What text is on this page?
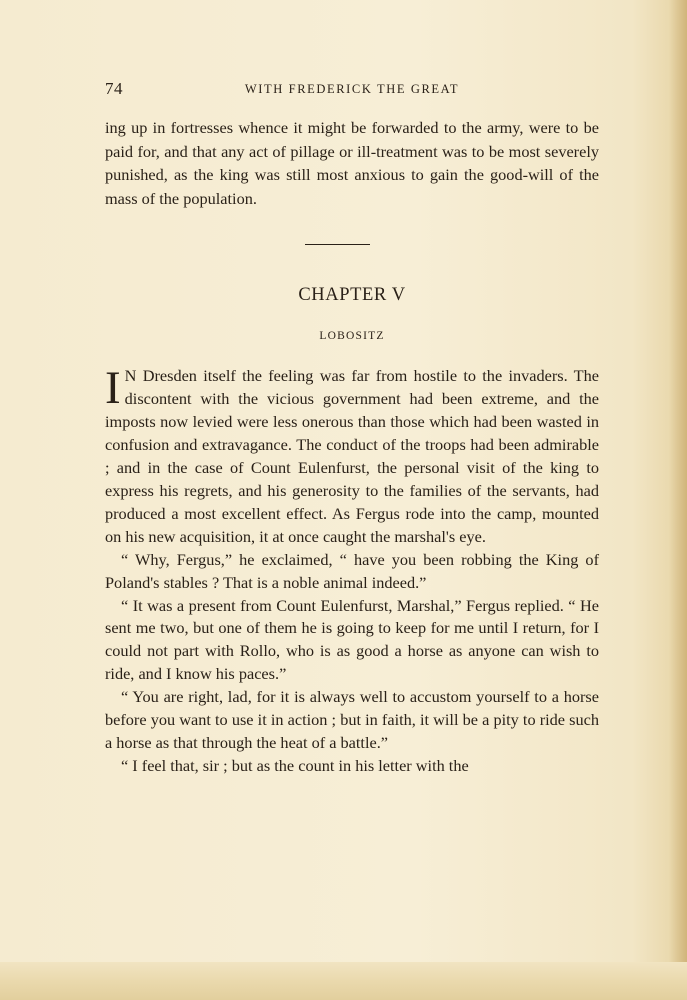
74	WITH FREDERICK THE GREAT
ing up in fortresses whence it might be forwarded to the army, were to be paid for, and that any act of pillage or ill-treatment was to be most severely punished, as the king was still most anxious to gain the good-will of the mass of the population.
CHAPTER V
LOBOSITZ

I N Dresden itself the feeling was far from hostile to the invaders. The discontent with the vicious government had been extreme, and the imposts now levied were less onerous than those which had been wasted in confusion and extravagance. The conduct of the troops had been admirable ; and in the case of Count Eulenfurst, the personal visit of the king to express his regrets, and his generosity to the families of the servants, had produced a most excellent effect. As Fergus rode into the camp, mounted on his new acquisition, it at once caught the marshal's eye.

“ Why, Fergus,” he exclaimed, “ have you been robbing the King of Poland's stables ? That is a noble animal indeed.”

“ It was a present from Count Eulenfurst, Marshal,” Fergus replied. “ He sent me two, but one of them he is going to keep for me until I return, for I could not part with Rollo, who is as good a horse as anyone can wish to ride, and I know his paces.”

“ You are right, lad, for it is always well to accustom yourself to a horse before you want to use it in action ; but in faith, it will be a pity to ride such a horse as that through the heat of a battle.”

“ I feel that, sir ; but as the count in his letter with the
